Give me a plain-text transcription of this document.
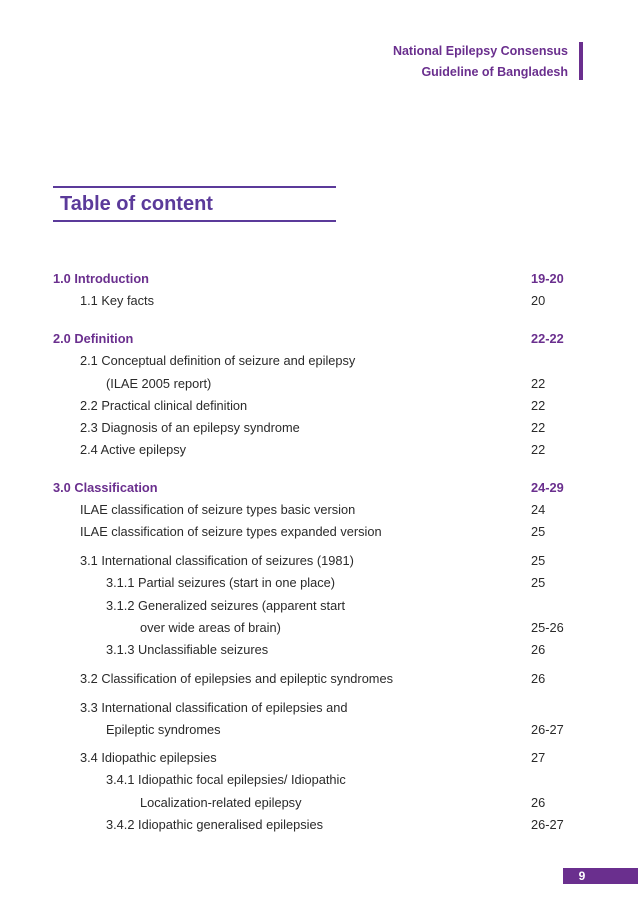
National Epilepsy Consensus
Guideline of Bangladesh
Table of content
1.0 Introduction	19-20
1.1 Key facts	20
2.0 Definition	22-22
2.1 Conceptual definition of seizure and epilepsy
(ILAE 2005 report)	22
2.2 Practical clinical definition	22
2.3 Diagnosis of an epilepsy syndrome	22
2.4 Active epilepsy	22
3.0 Classification	24-29
ILAE classification of seizure types basic version	24
ILAE classification of seizure types expanded version	25
3.1 International classification of seizures (1981)	25
3.1.1 Partial seizures (start in one place)	25
3.1.2 Generalized seizures (apparent start
over wide areas of brain)	25-26
3.1.3 Unclassifiable seizures	26
3.2 Classification of epilepsies and epileptic syndromes	26
3.3 International classification of epilepsies and
Epileptic syndromes	26-27
3.4 Idiopathic epilepsies	27
3.4.1 Idiopathic focal epilepsies/ Idiopathic
Localization-related epilepsy	26
3.4.2 Idiopathic generalised epilepsies	26-27
9
